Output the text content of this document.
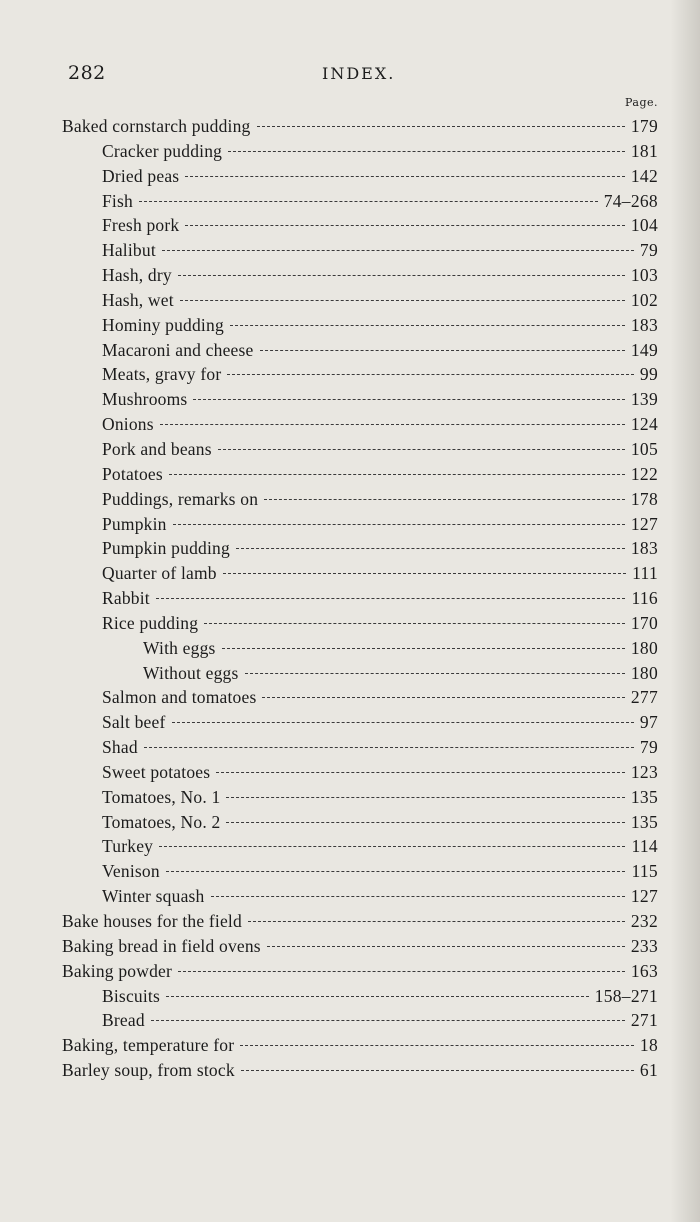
282	INDEX.
Page.
Baked cornstarch pudding	179
Cracker pudding	181
Dried peas	142
Fish	74–268
Fresh pork	104
Halibut	79
Hash, dry	103
Hash, wet	102
Hominy pudding	183
Macaroni and cheese	149
Meats, gravy for	99
Mushrooms	139
Onions	124
Pork and beans	105
Potatoes	122
Puddings, remarks on	178
Pumpkin	127
Pumpkin pudding	183
Quarter of lamb	111
Rabbit	116
Rice pudding	170
With eggs	180
Without eggs	180
Salmon and tomatoes	277
Salt beef	97
Shad	79
Sweet potatoes	123
Tomatoes, No. 1	135
Tomatoes, No. 2	135
Turkey	114
Venison	115
Winter squash	127
Bake houses for the field	232
Baking bread in field ovens	233
Baking powder	163
Biscuits	158–271
Bread	271
Baking, temperature for	18
Barley soup, from stock	61
